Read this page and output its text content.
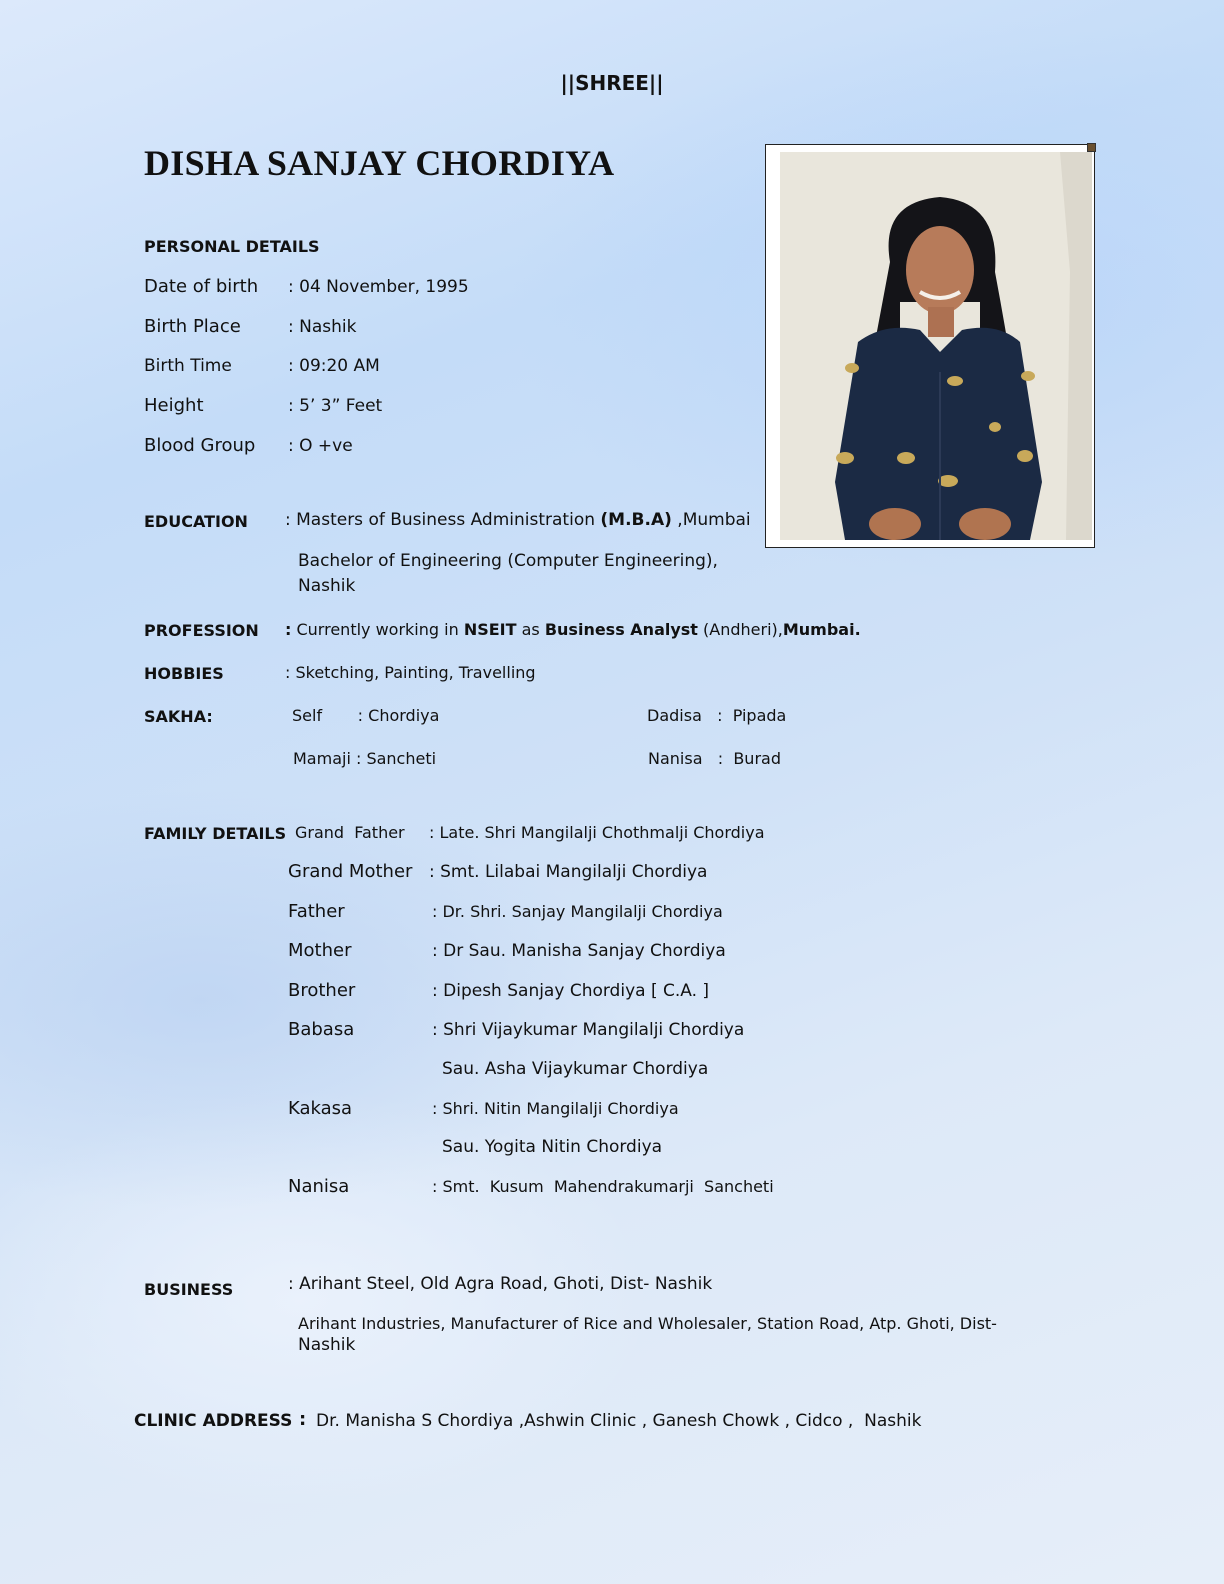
||SHREE||
DISHA SANJAY CHORDIYA
PERSONAL DETAILS
Date of birth : 04 November, 1995
Birth Place	: Nashik
Birth Time	: 09:20 AM
Height	: 5’ 3” Feet
Blood Group : O +ve
EDUCATION : Masters of Business Administration (M.B.A) ,Mumbai
Bachelor of Engineering (Computer Engineering),
Nashik
PROFESSION : Currently working in NSEIT as Business Analyst (Andheri),Mumbai.
HOBBIES	: Sketching, Painting, Travelling
SAKHA:	Self       : Chordiya	Dadisa   :  Pipada
Mamaji : Sancheti	Nanisa   :  Burad
FAMILY DETAILS Grand  Father : Late. Shri Mangilalji Chothmalji Chordiya
Grand Mother : Smt. Lilabai Mangilalji Chordiya
Father	: Dr. Shri. Sanjay Mangilalji Chordiya
Mother	: Dr Sau. Manisha Sanjay Chordiya
Brother	: Dipesh Sanjay Chordiya [ C.A. ]
Babasa	: Shri Vijaykumar Mangilalji Chordiya
Sau. Asha Vijaykumar Chordiya
Kakasa	: Shri. Nitin Mangilalji Chordiya
Sau. Yogita Nitin Chordiya
Nanisa	: Smt.  Kusum  Mahendrakumarji  Sancheti
BUSINESS	: Arihant Steel, Old Agra Road, Ghoti, Dist- Nashik
Arihant Industries, Manufacturer of Rice and Wholesaler, Station Road, Atp. Ghoti, Dist-
Nashik
CLINIC ADDRESS : Dr. Manisha S Chordiya ,Ashwin Clinic , Ganesh Chowk , Cidco ,  Nashik
